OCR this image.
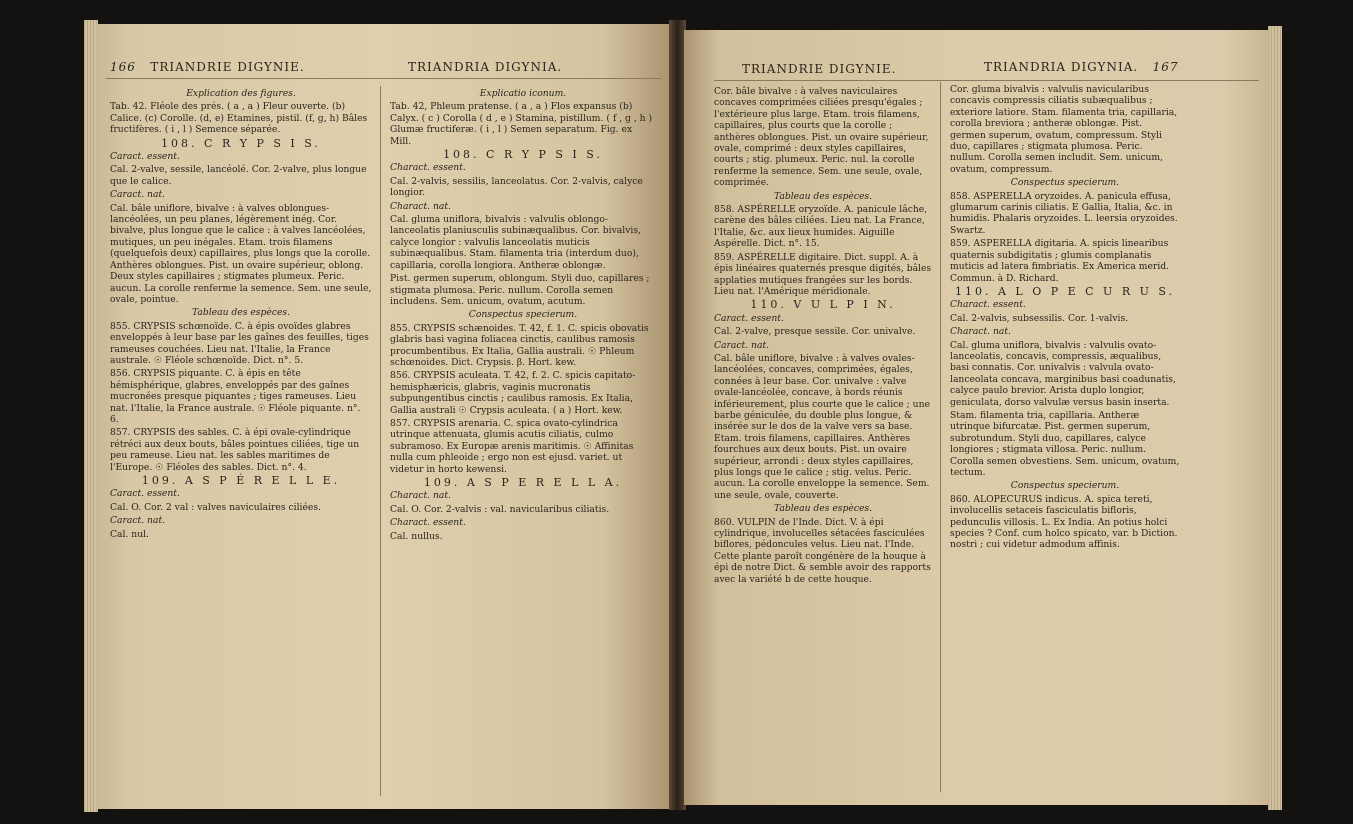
166 TRIANDRIE DIGYNIE.	TRIANDRIA DIGYNIA.

Explication des figures.

Tab. 42. Fléole des prés. ( a , a ) Fleur ouverte. (b) Calice. (c) Corolle. (d, e) Etamines, pistil. (f, g, h) Bâles fructifères. ( i , l ) Semence séparée.

108. C R Y P S I S.

Caract. essent.

Cal. 2-valve, sessile, lancéolé. Cor. 2-valve, plus longue que le calice.

Caract. nat.

Cal. bâle uniflore, bivalve : à valves oblongues-lancéolées, un peu planes, légèrement inég. Cor. bivalve, plus longue que le calice : à valves lancéolées, mutiques, un peu inégales. Etam. trois filamens (quelquefois deux) capillaires, plus longs que la corolle. Anthères oblongues. Pist. un ovaire supérieur, oblong. Deux styles capillaires ; stigmates plumeux. Peric. aucun. La corolle renferme la semence. Sem. une seule, ovale, pointue.

Tableau des espèces.

855. CRYPSIS schœnoïde. C. à épis ovoïdes glabres enveloppés à leur base par les gaînes des feuilles, tiges rameuses couchées. Lieu nat. l'Italie, la France australe. ☉ Fléole schœnoïde. Dict. n°. 5.

856. CRYPSIS piquante. C. à épis en tête hémisphérique, glabres, enveloppés par des gaînes mucronées presque piquantes ; tiges rameuses. Lieu nat. l'Italie, la France australe. ☉ Fléole piquante. n°. 6.

857. CRYPSIS des sables. C. à épi ovale-cylindrique rétréci aux deux bouts, bâles pointues ciliées, tige un peu rameuse. Lieu nat. les sables maritimes de l'Europe. ☉ Fléoles des sables. Dict. n°. 4.

109. A S P É R E L L E.

Caract. essent.

Cal. O. Cor. 2 val : valves naviculaires ciliées.

Caract. nat.

Cal. nul.

Explicatio iconum.

Tab. 42, Phleum pratense. ( a , a ) Flos expansus (b) Calyx. ( c ) Corolla ( d , e ) Stamina, pistillum. ( f , g , h ) Glumæ fructiferæ. ( i , l ) Semen separatum. Fig. ex Mill.

108. C R Y P S I S.

Charact. essent.

Cal. 2-valvis, sessilis, lanceolatus. Cor. 2-valvis, calyce longior.

Charact. nat.

Cal. gluma uniflora, bivalvis : valvulis oblongo-lanceolatis planiusculis subinæqualibus. Cor. bivalvis, calyce longior : valvulis lanceolatis muticis subinæqualibus. Stam. filamenta tria (interdum duo), capillaria, corolla longiora. Antheræ oblongæ.

Pist. germen superum, oblongum. Styli duo, capillares ; stigmata plumosa. Peric. nullum. Corolla semen includens. Sem. unicum, ovatum, acutum.

Conspectus specierum.

855. CRYPSIS schænoides. T. 42, f. 1. C. spicis obovatis glabris basi vagina foliacea cinctis, caulibus ramosis procumbentibus. Ex Italia, Gallia australi. ☉ Phleum schœnoides. Dict. Crypsis. β. Hort. kew.

856. CRYPSIS aculeata. T. 42, f. 2. C. spicis capitato-hemisphæricis, glabris, vaginis mucronatis subpungentibus cinctis ; caulibus ramosis. Ex Italia, Gallia australi ☉ Crypsis aculeata. ( a ) Hort. kew.

857. CRYPSIS arenaria. C. spica ovato-cylindrica utrinque attenuata, glumis acutis ciliatis, culmo subramoso. Ex Europæ arenis maritimis. ☉ Affinitas nulla cum phleoide ; ergo non est ejusd. variet. ut videtur in horto kewensi.

109. A S P E R E L L A.

Charact. nat.

Cal. O. Cor. 2-valvis : val. navicularibus ciliatis.

Charact. essent.

Cal. nullus.

TRIANDRIE DIGYNIE.	TRIANDRIA DIGYNIA. 167

Cor. bâle bivalve : à valves naviculaires concaves comprimées ciliées presqu'égales ; l'extérieure plus large. Etam. trois filamens, capillaires, plus courts que la corolle ; anthères oblongues. Pist. un ovaire supérieur, ovale, comprimé : deux styles capillaires, courts ; stig. plumeux. Peric. nul. la corolle renferme la semence. Sem. une seule, ovale, comprimée.

Tableau des espèces.

858. ASPÉRELLE oryzoïde. A. panicule lâche, carène des bâles ciliées. Lieu nat. La France, l'Italie, &c. aux lieux humides. Aiguille Aspérelle. Dict. n°. 15.

859. ASPÉRELLE digitaire. Dict. suppl. A. à épis linéaires quaternés presque digités, bâles applaties mutiques frangées sur les bords. Lieu nat. l'Amérique méridionale.

110. V U L P I N.

Caract. essent.

Cal. 2-valve, presque sessile. Cor. univalve.

Caract. nat.

Cal. bâle uniflore, bivalve : à valves ovales-lancéolées, concaves, comprimées, égales, connées à leur base. Cor. univalve : valve ovale-lancéolée, concave, à bords réunis inférieurement, plus courte que le calice ; une barbe géniculée, du double plus longue, & insérée sur le dos de la valve vers sa base. Etam. trois filamens, capillaires. Anthères fourchues aux deux bouts. Pist. un ovaire supérieur, arrondi : deux styles capillaires, plus longs que le calice ; stig. velus. Peric. aucun. La corolle enveloppe la semence. Sem. une seule, ovale, couverte.

Tableau des espèces.

860. VULPIN de l'Inde. Dict. V. à épi cylindrique, involucelles sétacées fasciculées biflores, pédoncules velus. Lieu nat. l'Inde. Cette plante paroît congénère de la houque à épi de notre Dict. & semble avoir des rapports avec la variété b de cette houque.

Cor. gluma bivalvis : valvulis navicularibus concavis compressis ciliatis subæqualibus ; exteriore latiore. Stam. filamenta tria, capillaria, corolla breviora ; antheræ oblongæ. Pist. germen superum, ovatum, compressum. Styli duo, capillares ; stigmata plumosa. Peric. nullum. Corolla semen includit. Sem. unicum, ovatum, compressum.

Conspectus specierum.

858. ASPERELLA oryzoides. A. panicula effusa, glumarum carinis ciliatis. E Gallia, Italia, &c. in humidis. Phalaris oryzoides. L. leersia oryzoides. Swartz.

859. ASPERELLA digitaria. A. spicis linearibus quaternis subdigitatis ; glumis complanatis muticis ad latera fimbriatis. Ex America merid. Commun. à D. Richard.

110. A L O P E C U R U S.

Charact. essent.

Cal. 2-valvis, subsessilis. Cor. 1-valvis.

Charact. nat.

Cal. gluma uniflora, bivalvis : valvulis ovato-lanceolatis, concavis, compressis, æqualibus, basi connatis. Cor. univalvis : valvula ovato-lanceolata concava, marginibus basi coadunatis, calyce paulo brevior. Arista duplo longior, geniculata, dorso valvulæ versus basin inserta.

Stam. filamenta tria, capillaria. Antheræ utrinque bifurcatæ. Pist. germen superum, subrotundum. Styli duo, capillares, calyce longiores ; stigmata villosa. Peric. nullum. Corolla semen obvestiens. Sem. unicum, ovatum, tectum.

Conspectus specierum.

860. ALOPECURUS indicus. A. spica tereti, involucellis setaceis fasciculatis bifloris, pedunculis villosis. L. Ex India. An potius holci species ? Conf. cum holco spicato, var. b Diction. nostri ; cui videtur admodum affinis.
